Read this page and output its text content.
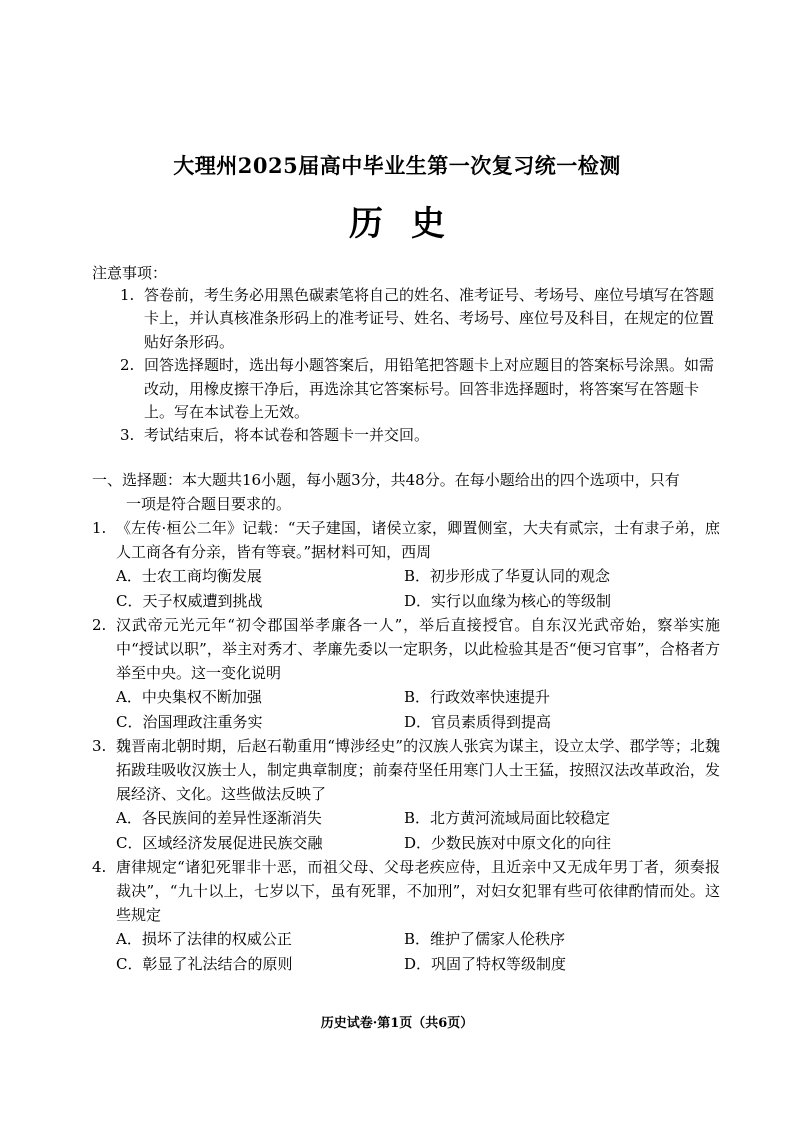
大理州2025届高中毕业生第一次复习统一检测
历史
注意事项：
1. 答卷前，考生务必用黑色碳素笔将自己的姓名、准考证号、考场号、座位号填写在答题卡上，并认真核准条形码上的准考证号、姓名、考场号、座位号及科目，在规定的位置贴好条形码。
2. 回答选择题时，选出每小题答案后，用铅笔把答题卡上对应题目的答案标号涂黑。如需改动，用橡皮擦干净后，再选涂其它答案标号。回答非选择题时，将答案写在答题卡上。写在本试卷上无效。
3. 考试结束后，将本试卷和答题卡一并交回。
一、选择题：本大题共16小题，每小题3分，共48分。在每小题给出的四个选项中，只有
一项是符合题目要求的。
1. 《左传·桓公二年》记载：“天子建国，诸侯立家，卿置侧室，大夫有贰宗，士有隶子弟，庶人工商各有分亲，皆有等衰。”据材料可知，西周
A．士农工商均衡发展	B．初步形成了华夏认同的观念
C．天子权威遭到挑战	D．实行以血缘为核心的等级制
2. 汉武帝元光元年“初令郡国举孝廉各一人”，举后直接授官。自东汉光武帝始，察举实施中“授试以职”，举主对秀才、孝廉先委以一定职务，以此检验其是否“便习官事”，合格者方举至中央。这一变化说明
A．中央集权不断加强	B．行政效率快速提升
C．治国理政注重务实	D．官员素质得到提高
3. 魏晋南北朝时期，后赵石勒重用“博涉经史”的汉族人张宾为谋主，设立太学、郡学等；北魏拓跋珪吸收汉族士人，制定典章制度；前秦苻坚任用寒门人士王猛，按照汉法改革政治，发展经济、文化。这些做法反映了
A．各民族间的差异性逐渐消失	B．北方黄河流域局面比较稳定
C．区域经济发展促进民族交融	D．少数民族对中原文化的向往
4. 唐律规定“诸犯死罪非十恶，而祖父母、父母老疾应侍，且近亲中又无成年男丁者，须奏报裁决”，“九十以上，七岁以下，虽有死罪，不加刑”，对妇女犯罪有些可依律酌情而处。这些规定
A．损坏了法律的权威公正	B．维护了儒家人伦秩序
C．彰显了礼法结合的原则	D．巩固了特权等级制度
历史试卷·第1页（共6页）
